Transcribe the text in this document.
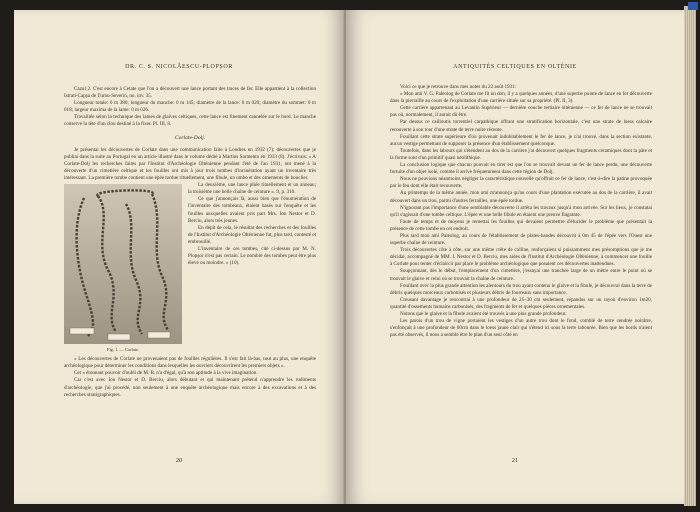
DR. C. S. NICOLĂESCU-PLOPȘOR

Cazul 2. C'est encore à Cetate que l'on a découvert une lance portant des traces de fer. Elle appartient à la collection Istrati-Capșa de Turnu-Severin, no. inv. 35.

Longueur totale: 0 m 380; longueur du manche: 0 m 145; diamètre de la lance: 0 m 020; diamètre du sommet: 0 m 018; largeur maxima de la lame: 0 m 026.

Travaillée selon la technique des lames de glaives celtiques, cette lance est finement cannelée sur le bord. Le manche conserve la tête d'un clou destiné à la fixer. Pl. III, 8.

Corlate-Dolj.

Je présentai les découvertes de Corlate dans une communication faite à Londres en 1932 (7); découvertes que je publiai dans la suite au Portugal en un article illustré dans le volume dédié à Martins Sarmento en 1933 (8). J'écrivais: « A Corlate-Dolj les recherches faites par l'Institut d'Archéologie Olténienne pendant l'été de l'an 1931, ont mené à la découverte d'un cimetière celtique et les fouilles ont mis à jour trois tombes d'incinération ayant un inventaire très intéressant. La première tombe contient une épée tordue rituellement, une fibule, un umbo et des ornements de bouclier.

Fig. 1. — Corlate.

La deuxième, une lance pliée rituellement et un anneau; la troisième une belle chaîne de ceinture ». 9, p. 310.

Ce que j'annonçais là, aussi bien que l'énumération de l'inventaire des tombeaux, étaient basés sur l'enquête et les fouilles auxquelles avaient pris part Mrs. Ion Nestor et D. Berciu, alors très jeunes.

En dépit de cela, le résultat des recherches et des fouilles de l'Institut d'Archéologie Olténienne fut, plus tard, contesté et embrouillé.

L'inventaire de ces tombes, cité ci-dessus par M. N. Plopșor n'est pas certain. Le nombre des tombes peut être plus élevé ou moindre. » (10).

« Les découvertes de Corlate ne provenaient pas de fouilles régulières. Il s'est fait là-bas, tout au plus, une enquête archéologique pour déterminer les conditions dans lesquelles les ouvriers découvrirent les premiers objets ».

Cet « étonnant pouvoir d'oubli de M. B. n'a d'égal, qu'à son aptitude à la vive imagination.

Car c'est avec Ion Nestor et D. Berciu, alors débutant et qui maintenant prétend n'apprendre les rudiments d'archéologie, que j'ai procédé, non seulement à une enquête archéologique mais encore à des excavations et à des recherches stratigraphiques.

20
ANTIQUITÉS CELTIQUES EN OLTÉNIE

Voici ce que je retrouve dans mes notes du 22 août 1931:

« Mon ami V. G. Paleolog de Corlate me fit un don, il y a quelques années, d'une superbe pointe de lance en fer découverte dans la pierraille au cours de l'exploitation d'une carrière située sur sa propriété. (Pl. II, 3).

Cette carrière appartenant au Levantin Supérieur — dernière couche tertiaire olténienne — ce fer de lance ne se trouvait pas où, normalement, il aurait dû être.

Par dessus ce cailloutis torrentiel carpathique offrant une stratification horizontale, c'est une strate de loess calcaire recouverte à son tour d'une strate de terre noire récente.

Fouillant cette strate supérieure d'où provenait indubitablement le fer de lance, je n'ai trouvé, dans la section existante, aucun vestige permettant de supposer la présence d'un établissement quelconque.

Toutefois, dans les labours qui s'étendent au dos de la carrière j'ai découvert quelques fragments céramiques dont la pâte et la forme sont d'un primitif quasi néolithique.

La conclusion logique que chacun pouvait en tirer est que l'on se trouvait devant un fer de lance perdu, une découverte fortuite d'un objet isolé, comme il arrive fréquemment dans cette région de Dolj.

Nous ne pouvions néanmoins négliger la caractéristique nouvelle qu'offrait ce fer de lance, c'est-à-dire la patine provoquée par le feu dont elle était recouverte.

Au printemps de la même année, mon ami m'annonça qu'au cours d'une plantation exécutée au dos de la carrière, il avait découvert dans un trou, parmi d'autres ferrailles, une épée tordue.

N'ignorant pas l'importance d'une semblable découverte il arrêta les travaux jusqu'à mon arrivée. Sur les lieux, je constatai qu'il s'agissait d'une tombe celtique. L'épée et une belle fibule en étaient une preuve flagrante.

Faute de temps et de moyens je remettai les fouilles qui devaient permettre d'élucider le problème que présentait la présence de cette tombe en cet endroit.

Plus tard mon ami Paleolog, au cours de l'établissement de plates-bandes découvrit à 0m 45 de l'épée vers l'Ouest une superbe chaîne de ceinture.

Trois découvertes côte à côte, sur une même crête de colline, renforçaient si puissamment mes présomptions que je me décidai, accompagné de MM. I. Nestor et D. Berciu, mes aides de l'Institut d'Archéologie Olténienne, à commencer une fouille à Corlate pour tenter d'éclaircir par place le problème archéologique que posaient ces découvertes inattendues.

Soupçonnant, dès le début, l'emplacement d'un cimetière, j'essayai une tranchée large de un mètre entre le point où se trouvait le glaive et celui où se trouvait la chaîne de ceinture.

Fouillant avec la plus grande attention les alentours du trou ayant contenu le glaive et la fibule, je découvrai dans la terre de débris quelques morceaux carbonisés et plusieurs débris de fourreaux sans importance.

Creusant davantage je rencontrai à une profondeur de 25–30 cm seulement, répandus sur un rayon d'environ 1m20, quantité d'ossements humains carbonisés, des fragments de fer et quelques pièces ornementales.

Notons que le glaive et la fibule avaient été trouvés à une plus grande profondeur.

Les parois d'un trou de vigne portaient les vestiges d'un autre trou dont le fond, comblé de terre cendrée noirâtre, s'enfonçait à une profondeur de 60cm dans le loess jaune clair qui s'étend ici sous la terre labourée. Bien que les bords n'aient pas été observés, il nous a semblé être le plan d'un seul côté en

21
